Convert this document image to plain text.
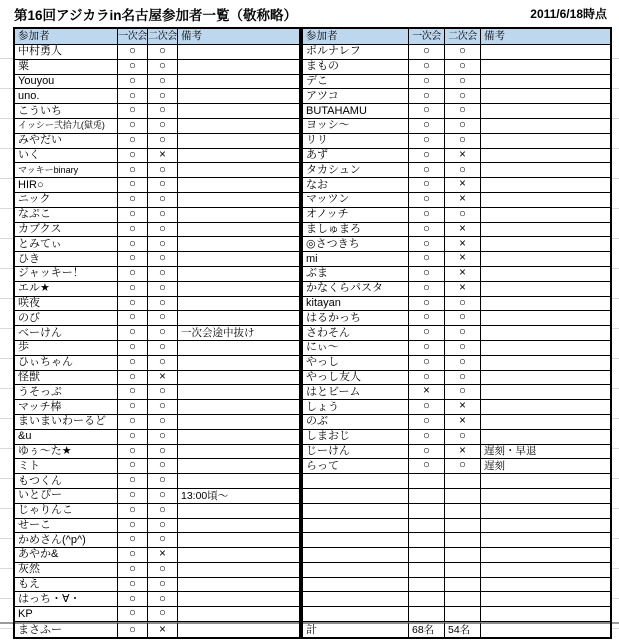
第16回アジカラin名古屋参加者一覧（敬称略）	2011/6/18時点
参加者	一次会 二次会 備考
中村勇人	○	○
粟	○	○
Youyou	○	○
uno.	○	○
こういち	○	○
イッシー弐拾九(獄兎)	○	○
みやだい	○	○
いく	○	×
マッキーbinary	○	○
HIR○	○	○
ニック	○	○
なぷこ	○	○
カブクス	○	○
とみてぃ	○	○
ひき	○	○
ジャッキー！	○	○
エル★	○	○
咲夜	○	○
のび	○	○
べーけん	○	○	一次会途中抜け
歩	○	○
ひぃちゃん	○	○
怪獣	○	×
うそっぷ	○	○
マッチ棒	○	○
まいまいわーるど	○	○
&u	○	○
ゆぅ～た★	○	○
ミト	○	○
もつくん	○	○
いとぴー	○	○	13:00頃～
じゃりんこ	○	○
せーこ	○	○
かめさん(^p^)	○	○
あやか&	○	×
灰然	○	○
もえ	○	○
はっち・∀・	○	○
KP	○	○
まさふー	○	×
参加者	一次会 二次会 備考
ポルナレフ	○	○
まもの	○	○
デこ	○	○
アツコ	○	○
BUTAHAMU	○	○
ヨッシ～	○	○
リリ	○	○
あず	○	×
タカシュン	○	○
なお	○	×
マッツン	○	×
オノッチ	○	○
ましゅまろ	○	×
◎さつきち	○	×
mi	○	×
ぶま	○	×
かなくらパスタ	○	×
kitayan	○	○
はるかっち	○	○
さわそん	○	○
にぃ～	○	○
やっし	○	○
やっし友人	○	○
はとビーム	×	○
しょう	○	×
のぶ	○	×
しまおじ	○	○
じーけん	○	×	遅刻・早退
らって	○	○	遅刻
計	68名	54名
